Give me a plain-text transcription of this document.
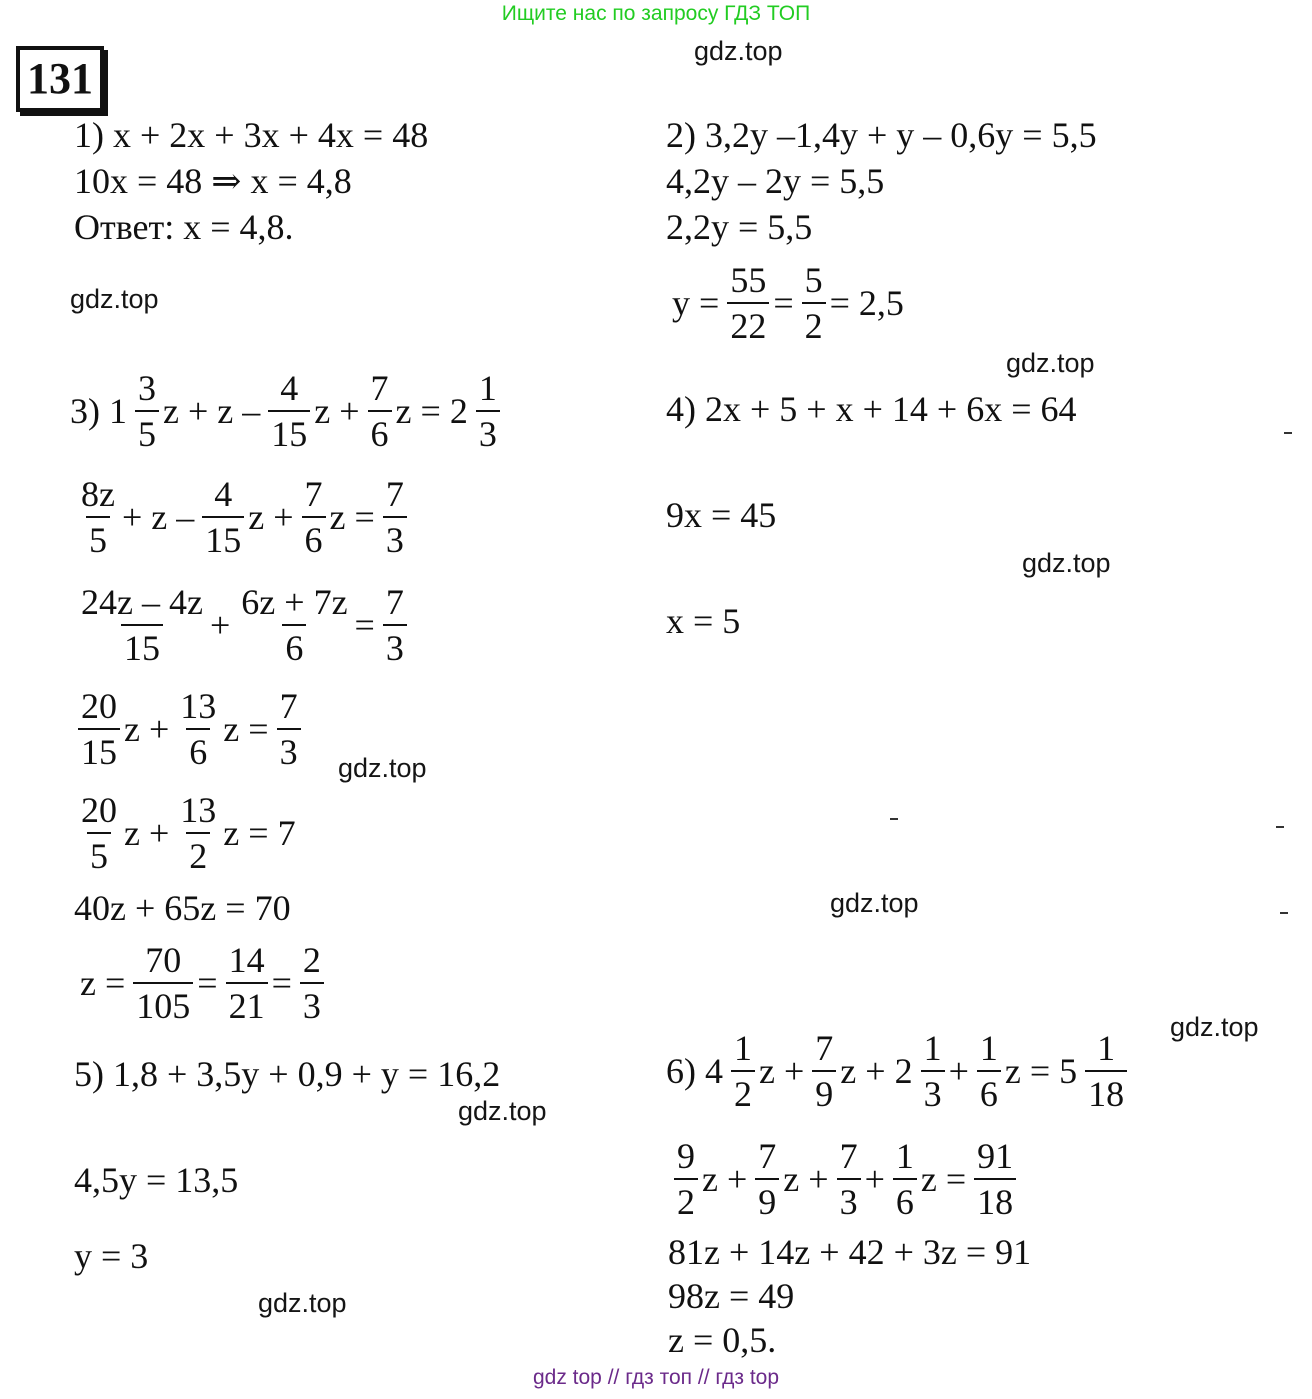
Ищите нас по запросу ГДЗ ТОП
131
gdz.top
gdz.top
gdz.top
gdz.top
gdz.top
gdz.top
gdz.top
gdz.top
gdz.top
1) x + 2x + 3x + 4x = 48
10x = 48 ⇒ x = 4,8
Ответ: x = 4,8.
2) 3,2y –1,4y + y – 0,6y = 5,5
4,2y – 2y = 5,5
2,2y = 5,5
$y = \frac{55}{22} = \frac{5}{2} = 2,5$
3) $1 \frac{3}{5}$ $z + z - \frac{4}{15}$ $z + \frac{7}{6}$ $z = 2 \frac{1}{3}$
$\frac{8z}{5} + z - \frac{4}{15}$ $z + \frac{7}{6}$ $z = \frac{7}{3}$
$\frac{24z - 4z}{15} + \frac{6z + 7z}{6} = \frac{7}{3}$
$\frac{20}{15}$ $z + \frac{13}{6}$ $z = \frac{7}{3}$
$\frac{20}{5}$ $z + \frac{13}{2}$ z = 7
40z + 65z = 70
$z = \frac{70}{105} = \frac{14}{21} = \frac{2}{3}$
4) 2x + 5 + x + 14 + 6x = 64
9x = 45
x = 5
5) 1,8 + 3,5y + 0,9 + y = 16,2
4,5y = 13,5
y = 3
6) $4 \frac{1}{2}$ $z + \frac{7}{9}$ $z + 2 \frac{1}{3} + \frac{1}{6}$ $z = 5 \frac{1}{18}$
$\frac{9}{2}$ $z + \frac{7}{9}$ $z + \frac{7}{3} + \frac{1}{6}$ $z = \frac{91}{18}$
81z + 14z + 42 + 3z = 91
98z = 49
z = 0,5.
gdz top // гдз топ // гдз top
